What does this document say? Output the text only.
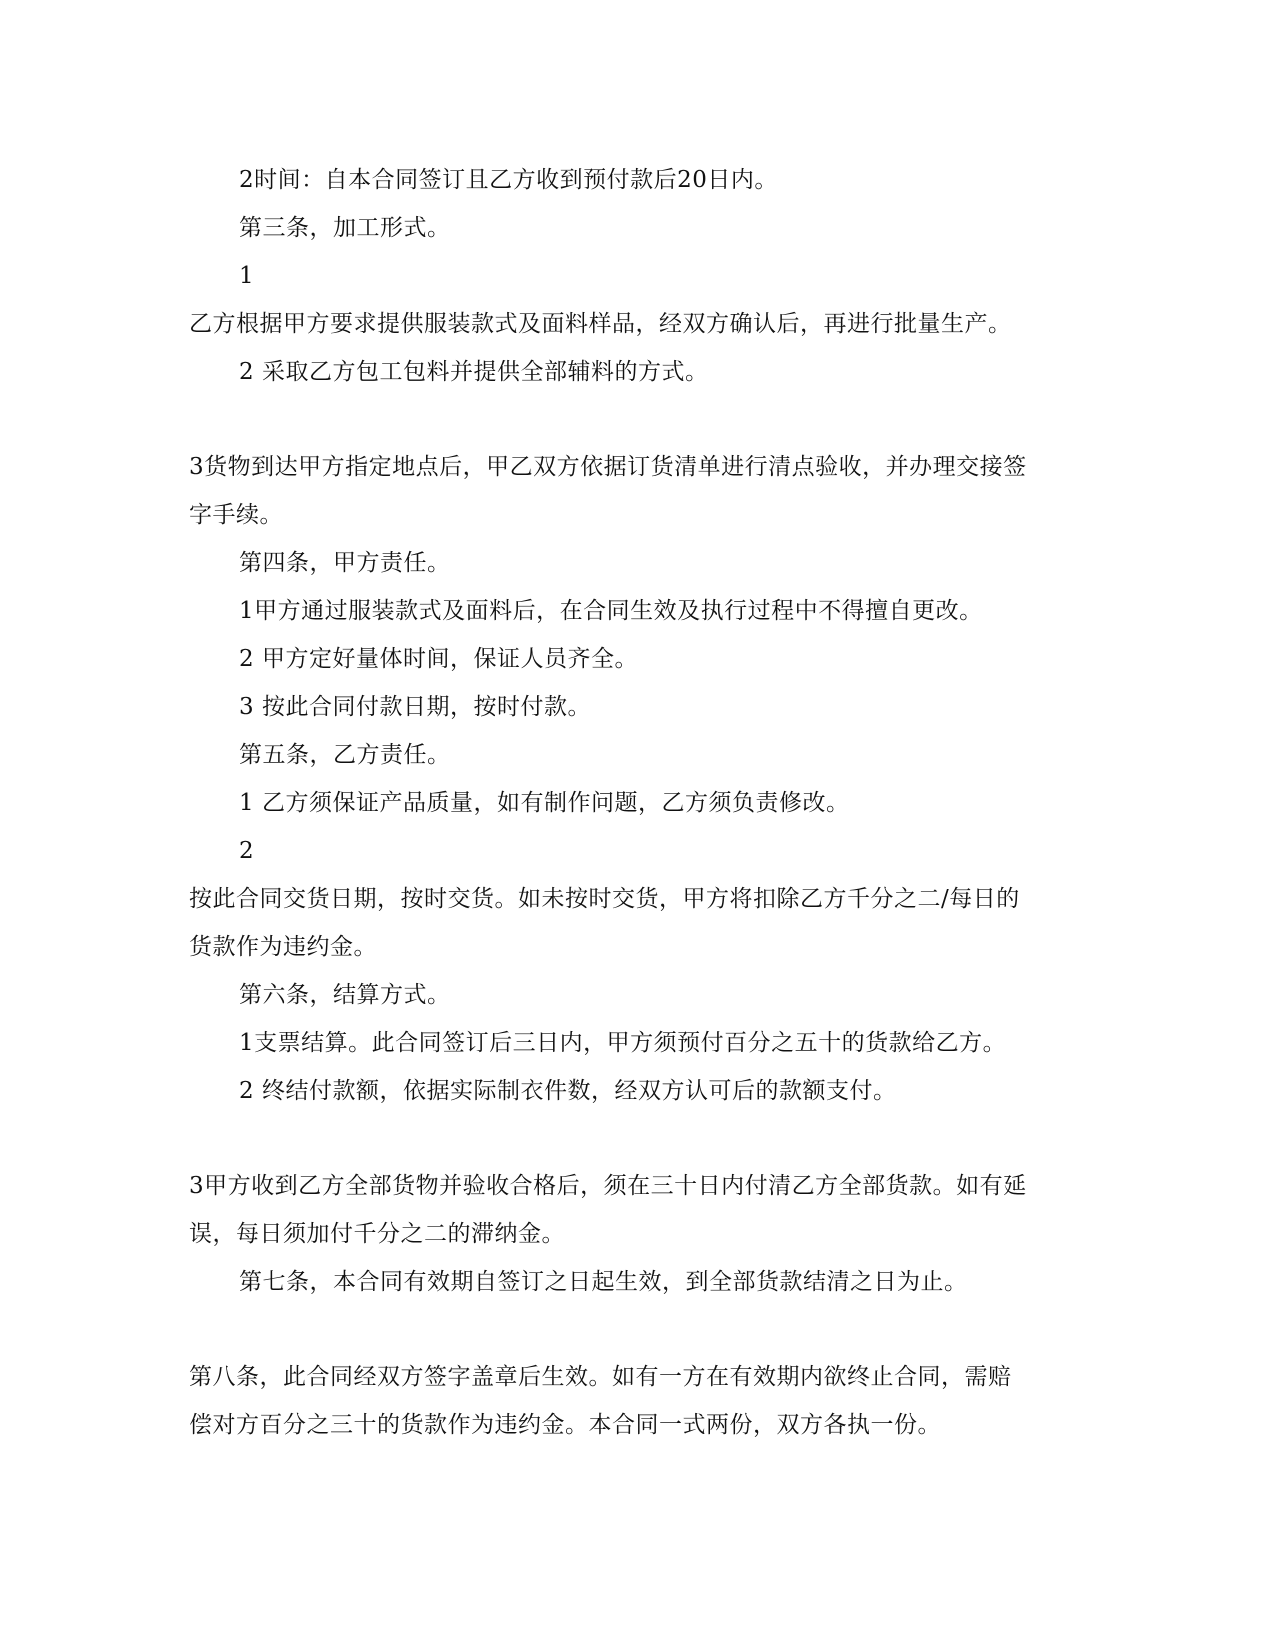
2时间：自本合同签订且乙方收到预付款后20日内。
第三条，加工形式。
1
乙方根据甲方要求提供服装款式及面料样品，经双方确认后，再进行批量生产。
2 采取乙方包工包料并提供全部辅料的方式。
3货物到达甲方指定地点后，甲乙双方依据订货清单进行清点验收，并办理交接签
字手续。
第四条，甲方责任。
1甲方通过服装款式及面料后，在合同生效及执行过程中不得擅自更改。
2 甲方定好量体时间，保证人员齐全。
3 按此合同付款日期，按时付款。
第五条，乙方责任。
1 乙方须保证产品质量，如有制作问题，乙方须负责修改。
2
按此合同交货日期，按时交货。如未按时交货，甲方将扣除乙方千分之二/每日的
货款作为违约金。
第六条，结算方式。
1支票结算。此合同签订后三日内，甲方须预付百分之五十的货款给乙方。
2 终结付款额，依据实际制衣件数，经双方认可后的款额支付。
3甲方收到乙方全部货物并验收合格后，须在三十日内付清乙方全部货款。如有延
误，每日须加付千分之二的滞纳金。
第七条，本合同有效期自签订之日起生效，到全部货款结清之日为止。
第八条，此合同经双方签字盖章后生效。如有一方在有效期内欲终止合同，需赔
偿对方百分之三十的货款作为违约金。本合同一式两份，双方各执一份。
